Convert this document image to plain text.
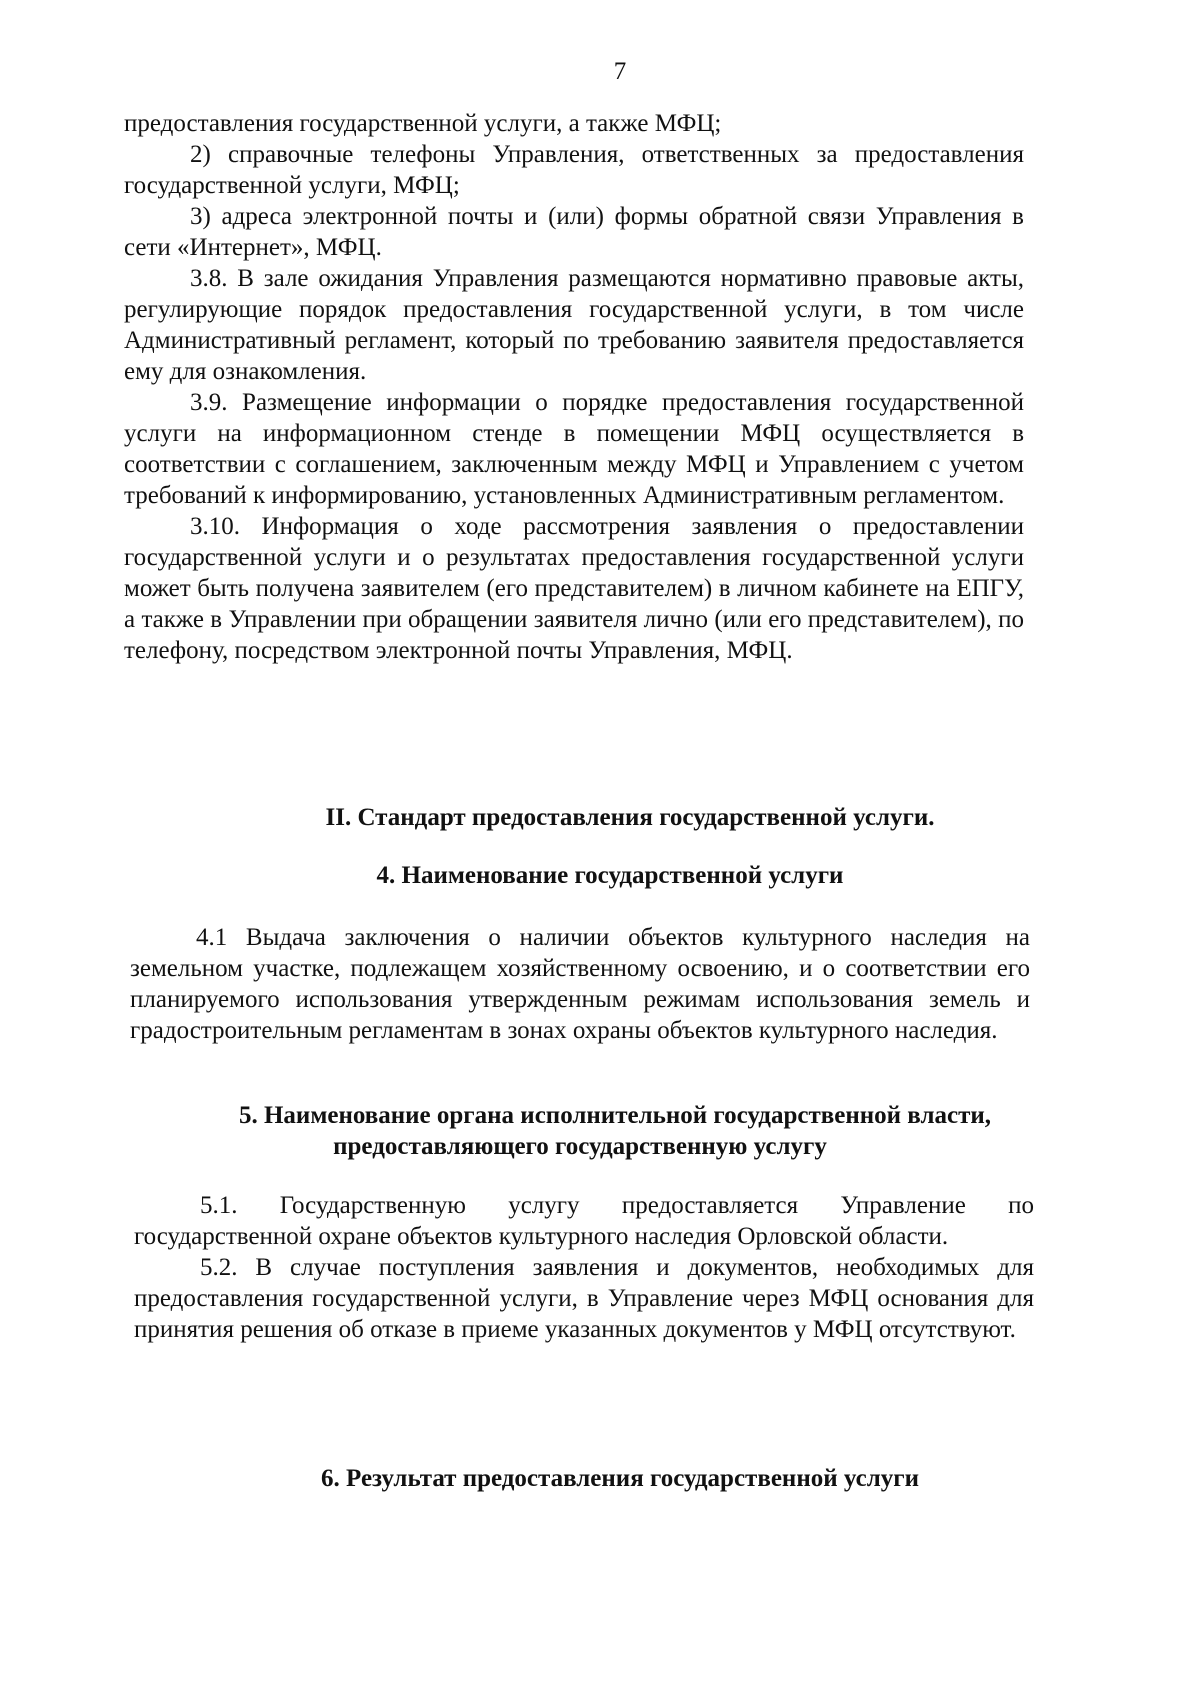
7

предоставления государственной услуги, а также МФЦ;

2) справочные телефоны Управления, ответственных за предоставления государственной услуги, МФЦ;

3) адреса электронной почты и (или) формы обратной связи Управления в сети «Интернет», МФЦ.

3.8. В зале ожидания Управления размещаются нормативно правовые акты, регулирующие порядок предоставления государственной услуги, в том числе Административный регламент, который по требованию заявителя предоставляется ему для ознакомления.

3.9. Размещение информации о порядке предоставления государственной услуги на информационном стенде в помещении МФЦ осуществляется в соответствии с соглашением, заключенным между МФЦ и Управлением с учетом требований к информированию, установленных Административным регламентом.

3.10. Информация о ходе рассмотрения заявления о предоставлении государственной услуги и о результатах предоставления государственной услуги может быть получена заявителем (его представителем) в личном кабинете на ЕПГУ, а также в Управлении при обращении заявителя лично (или его представителем), по телефону, посредством электронной почты Управления, МФЦ.

II. Стандарт предоставления государственной услуги.
4. Наименование государственной услуги

4.1 Выдача заключения о наличии объектов культурного наследия на земельном участке, подлежащем хозяйственному освоению, и о соответствии его планируемого использования утвержденным режимам использования земель и градостроительным регламентам в зонах охраны объектов культурного наследия.

5. Наименование органа исполнительной государственной власти,
предоставляющего государственную услугу

5.1. Государственную услугу предоставляется Управление по государственной охране объектов культурного наследия Орловской области.

5.2. В случае поступления заявления и документов, необходимых для предоставления государственной услуги, в Управление через МФЦ основания для принятия решения об отказе в приеме указанных документов у МФЦ отсутствуют.

6. Результат предоставления государственной услуги
